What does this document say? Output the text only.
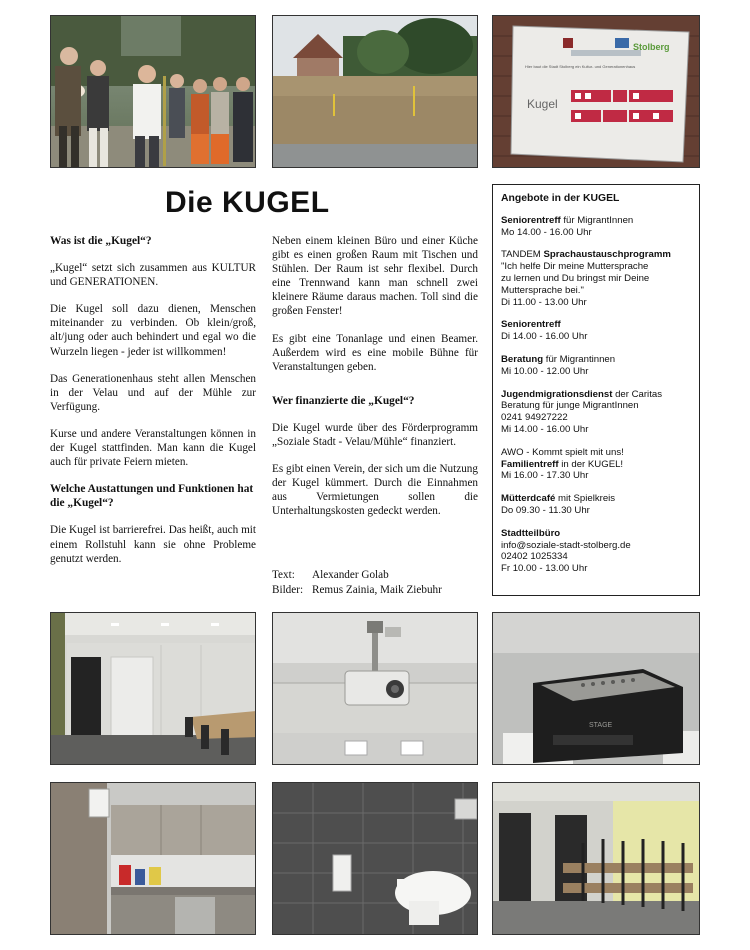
Stolberg
Hier baut die Stadt Stolberg ein Kultur- und Generationenhaus
Kugel
Die KUGEL
Was ist die „Kugel“?

„Kugel“ setzt sich zusammen aus KULTUR und GENERATIONEN.

Die Kugel soll dazu dienen, Menschen miteinander zu verbinden. Ob klein/groß, alt/jung oder auch behindert und egal wo die Wurzeln liegen - jeder ist willkommen!

Das Generationenhaus steht allen Menschen in der Velau und auf der Mühle zur Verfügung.

Kurse und andere Veranstaltungen können in der Kugel stattfinden. Man kann die Kugel auch für private Feiern mieten.

Welche Austattungen und Funktionen hat die „Kugel“?

Die Kugel ist barrierefrei. Das heißt, auch mit einem Rollstuhl kann sie ohne Probleme genutzt werden.

Neben einem kleinen Büro und einer Küche gibt es einen großen Raum mit Tischen und Stühlen. Der Raum ist sehr flexibel. Durch eine Trennwand kann man schnell zwei kleinere Räume daraus machen. Toll sind die großen Fenster!

Es gibt eine Tonanlage und einen Beamer. Außerdem wird es eine mobile Bühne für Veranstaltungen geben.

Wer finanzierte die „Kugel“?

Die Kugel wurde über des Förderprogramm „Soziale Stadt - Velau/Mühle“ finanziert.

Es gibt einen Verein, der sich um die Nutzung der Kugel kümmert. Durch die Einnahmen aus Vermietungen sollen die Unterhaltungskosten gedeckt werden.

Text: Alexander Golab
Bilder: Remus Zainia, Maik Ziebuhr
Angebote in der KUGEL
Seniorentreff für MigrantInnen
Mo 14.00 - 16.00 Uhr
TANDEM Sprachaustauschprogramm
"Ich helfe Dir meine Muttersprache
zu lernen und Du bringst mir Deine
Muttersprache bei."
Di 11.00 - 13.00 Uhr
Seniorentreff
Di 14.00 - 16.00 Uhr
Beratung für Migrantinnen
Mi 10.00 - 12.00 Uhr
Jugendmigrationsdienst der Caritas
Beratung für junge MigrantInnen
0241 94927222
Mi 14.00 - 16.00 Uhr
AWO - Kommt spielt mit uns!
Familientreff in der KUGEL!
Mi 16.00 - 17.30 Uhr
Mütterdcafé mit Spielkreis
Do 09.30 - 11.30 Uhr
Stadtteilbüro
info@soziale-stadt-stolberg.de
02402 1025334
Fr 10.00 - 13.00 Uhr
STAGE
